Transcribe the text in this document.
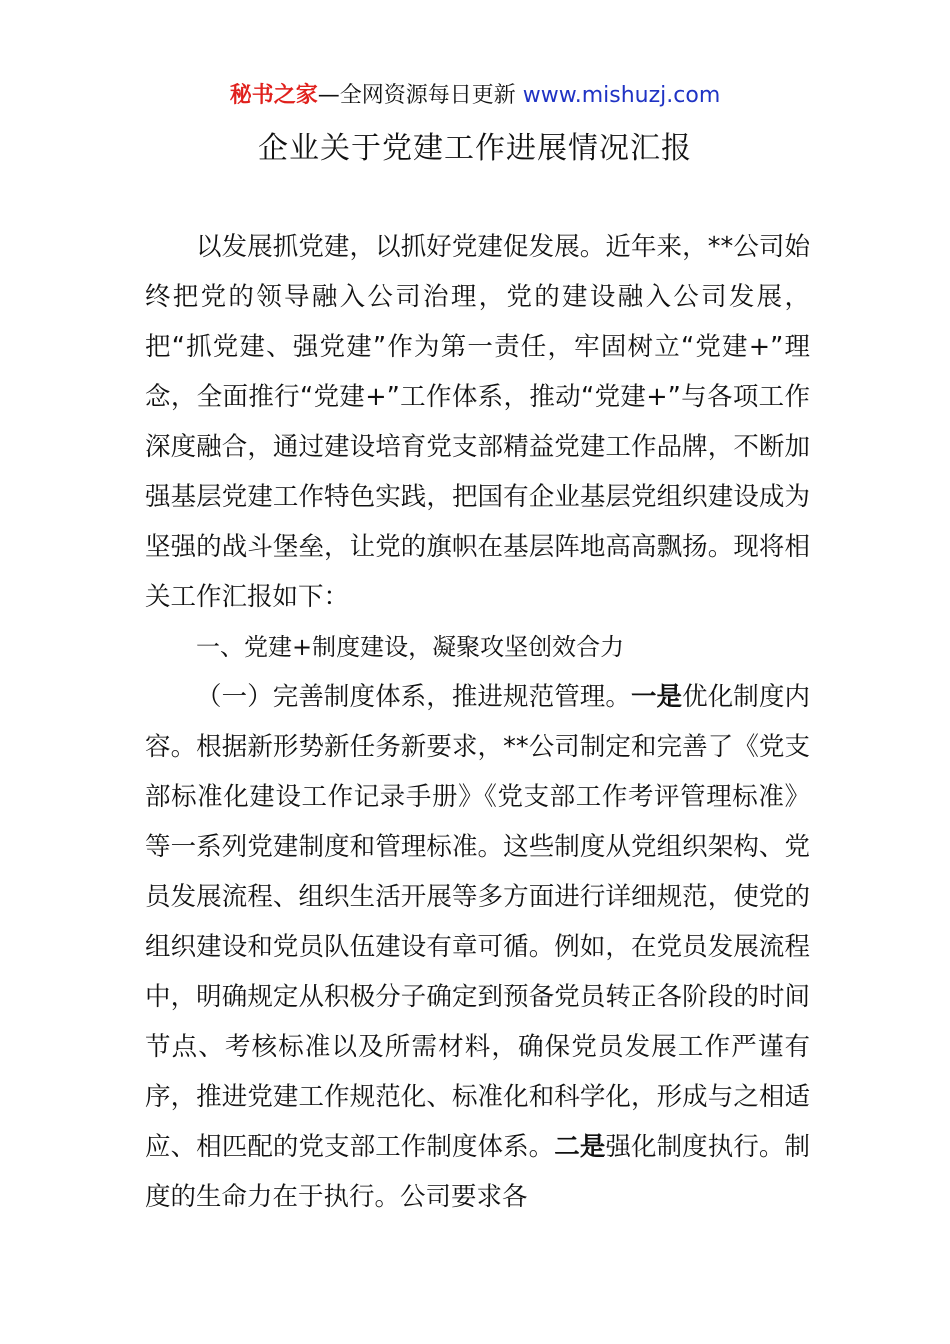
秘书之家—全网资源每日更新 www.mishuzj.com
企业关于党建工作进展情况汇报

以发展抓党建，以抓好党建促发展。近年来，**公司始终把党的领导融入公司治理，党的建设融入公司发展，把“抓党建、强党建”作为第一责任，牢固树立“党建+”理念，全面推行“党建+”工作体系，推动“党建+”与各项工作深度融合，通过建设培育党支部精益党建工作品牌，不断加强基层党建工作特色实践，把国有企业基层党组织建设成为坚强的战斗堡垒，让党的旗帜在基层阵地高高飘扬。现将相关工作汇报如下：

一、党建+制度建设，凝聚攻坚创效合力

（一）完善制度体系，推进规范管理。一是优化制度内容。根据新形势新任务新要求，**公司制定和完善了《党支部标准化建设工作记录手册》《党支部工作考评管理标准》等一系列党建制度和管理标准。这些制度从党组织架构、党员发展流程、组织生活开展等多方面进行详细规范，使党的组织建设和党员队伍建设有章可循。例如，在党员发展流程中，明确规定从积极分子确定到预备党员转正各阶段的时间节点、考核标准以及所需材料，确保党员发展工作严谨有序，推进党建工作规范化、标准化和科学化，形成与之相适应、相匹配的党支部工作制度体系。二是强化制度执行。制度的生命力在于执行。公司要求各
